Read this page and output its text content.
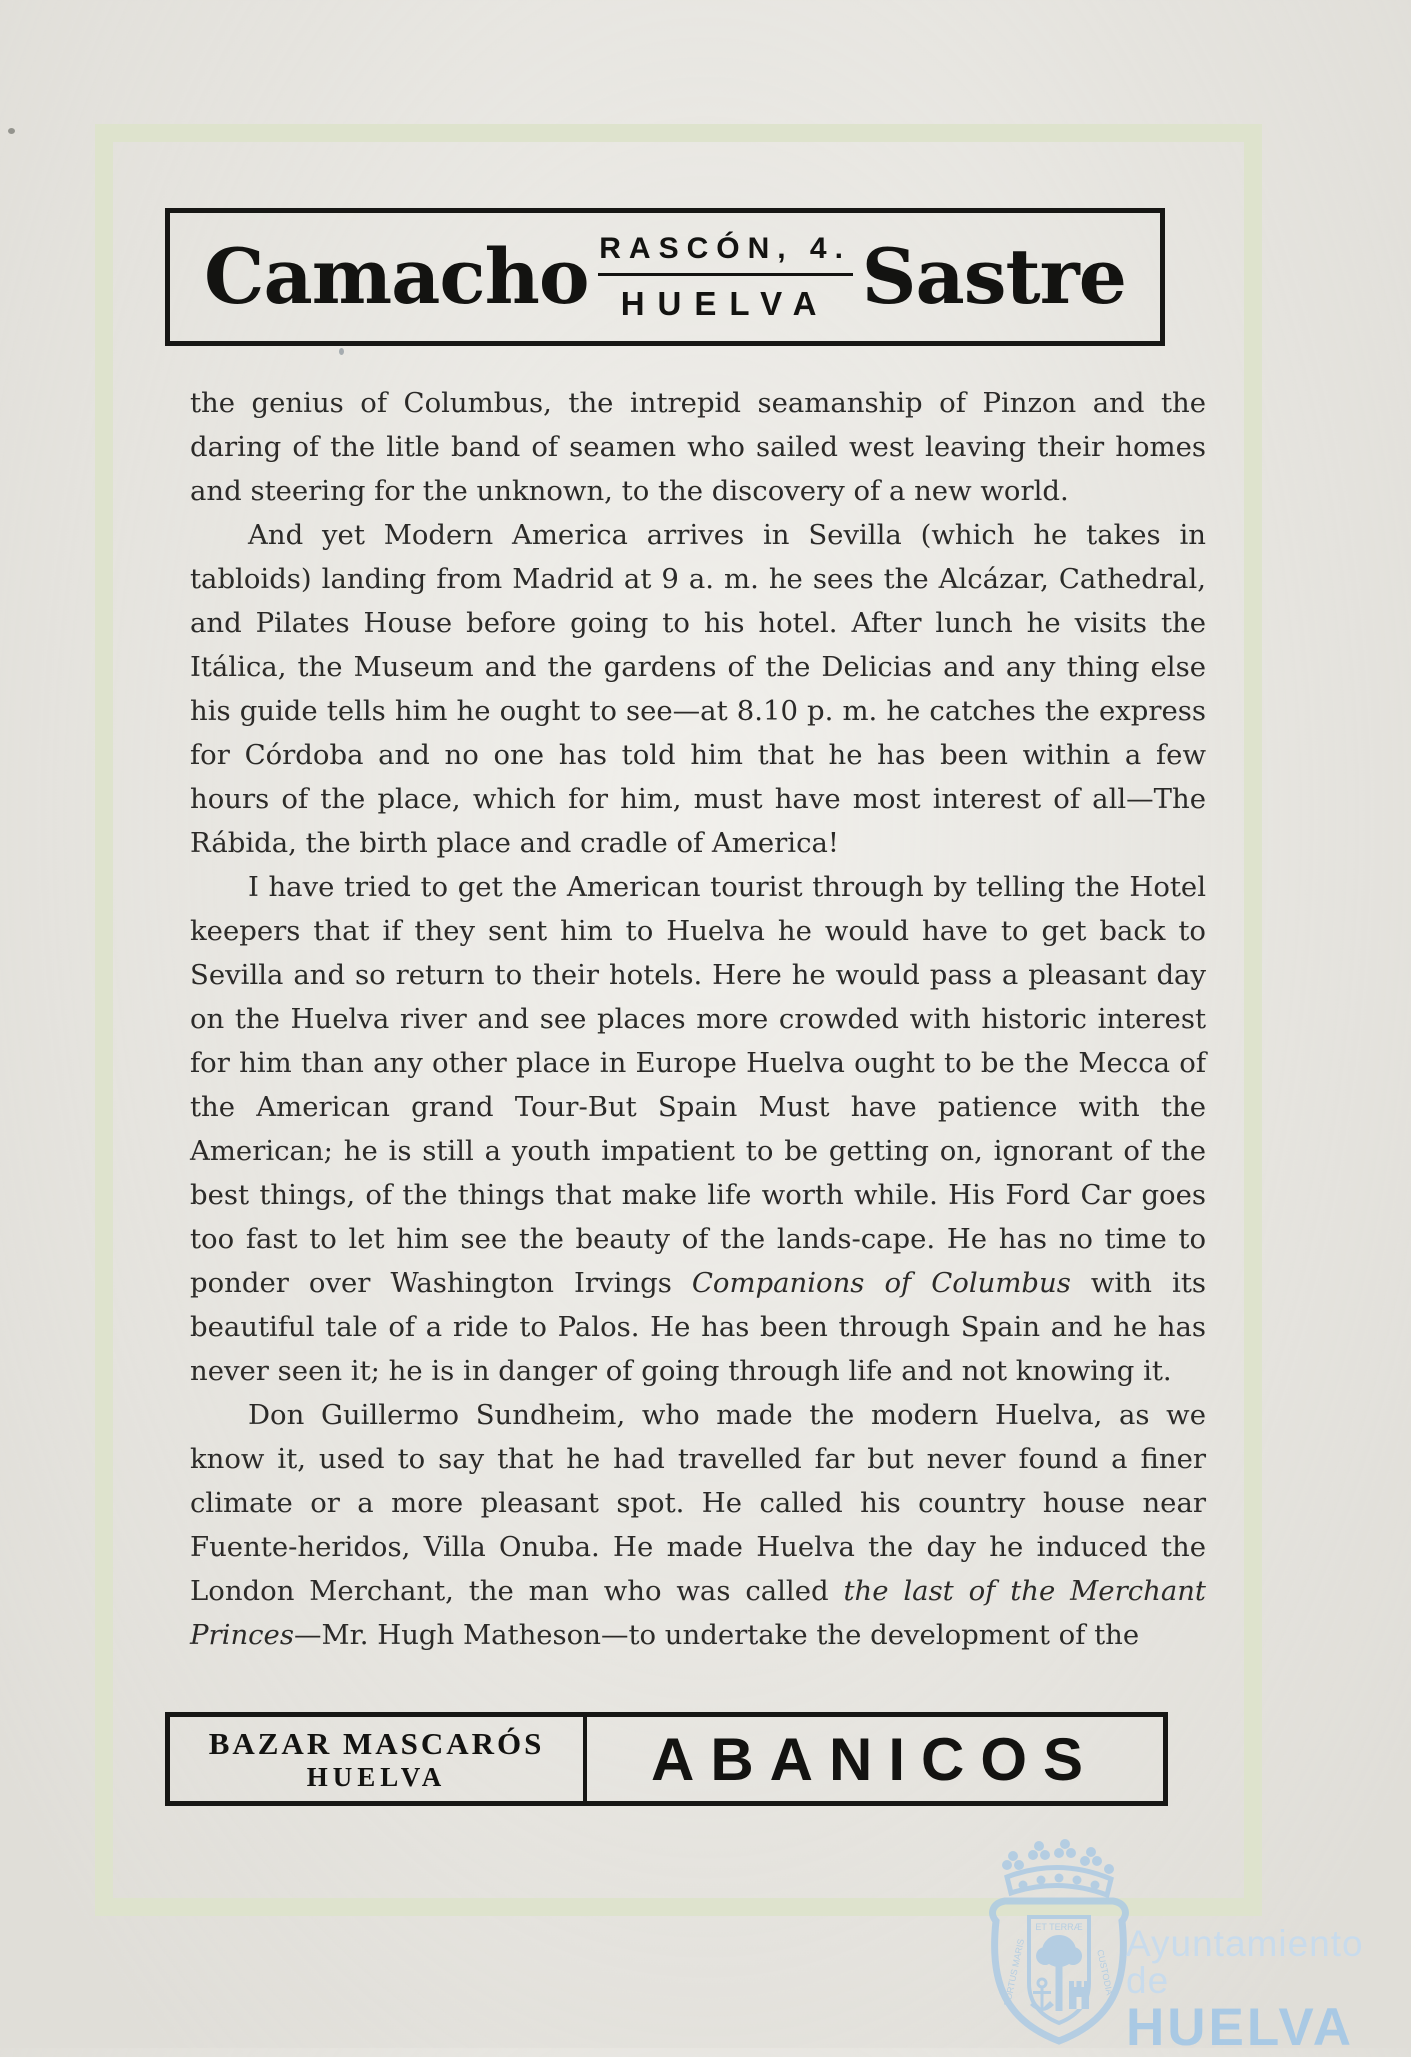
Camacho RASCÓN, 4.
HUELVA Sastre

the genius of Columbus, the intrepid seamanship of Pinzon and the daring of the litle band of seamen who sailed west leaving their homes and steering for the unknown, to the discovery of a new world.

And yet Modern America arrives in Sevilla (which he takes in tabloids) landing from Madrid at 9 a. m. he sees the Alcázar, Cathedral, and Pilates House before going to his hotel. After lunch he visits the Itálica, the Museum and the gardens of the Delicias and any thing else his guide tells him he ought to see—at 8.10 p. m. he catches the express for Córdoba and no one has told him that he has been within a few hours of the place, which for him, must have most interest of all—The Rábida, the birth place and cradle of America!

I have tried to get the American tourist through by telling the Hotel keepers that if they sent him to Huelva he would have to get back to Sevilla and so return to their hotels. Here he would pass a pleasant day on the Huelva river and see places more crowded with historic interest for him than any other place in Europe Huelva ought to be the Mecca of the American grand Tour-But Spain Must have patience with the American; he is still a youth impatient to be getting on, ignorant of the best things, of the things that make life worth while. His Ford Car goes too fast to let him see the beauty of the lands-cape. He has no time to ponder over Washington Irvings Companions of Columbus with its beautiful tale of a ride to Palos. He has been through Spain and he has never seen it; he is in danger of going through life and not knowing it.

Don Guillermo Sundheim, who made the modern Huelva, as we know it, used to say that he had travelled far but never found a finer climate or a more pleasant spot. He called his country house near Fuente-heridos, Villa Onuba. He made Huelva the day he induced the London Merchant, the man who was called the last of the Merchant Princes—Mr. Hugh Matheson—to undertake the development of the

BAZAR MASCARÓS
HUELVA	ABANICOS
ET TERRÆ
PORTUS MARIS	CUSTODIA
Ayuntamiento de
HUELVA
